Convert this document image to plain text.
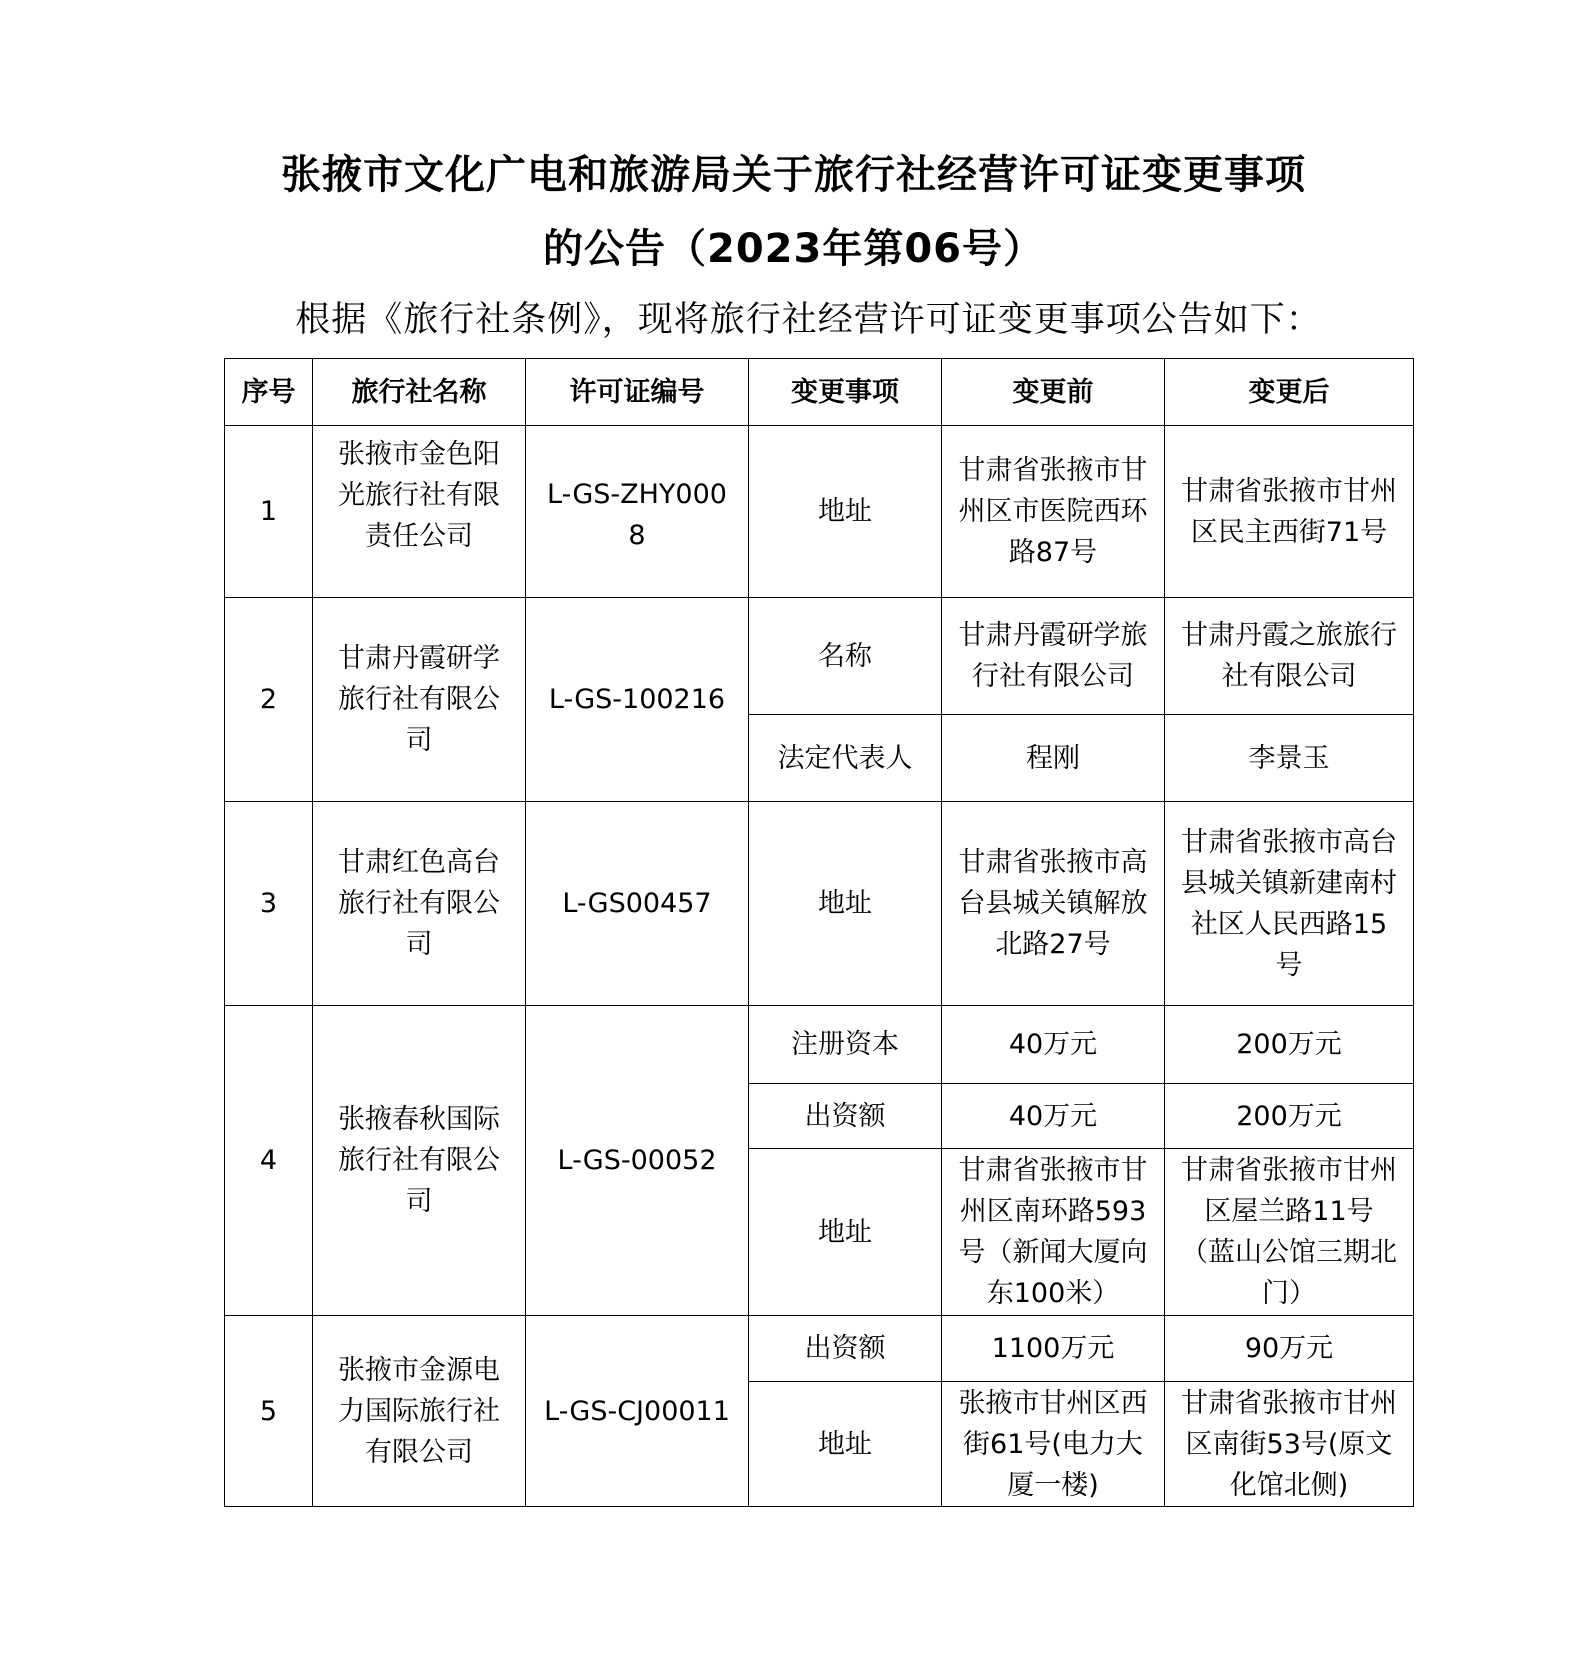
张掖市文化广电和旅游局关于旅行社经营许可证变更事项
的公告（2023年第06号）
根据《旅行社条例》，现将旅行社经营许可证变更事项公告如下：
序号	旅行社名称	许可证编号	变更事项	变更前	变更后
1	张掖市金色阳光旅行社有限责任公司	L-GS-ZHY0008	地址	甘肃省张掖市甘州区市医院西环路87号	甘肃省张掖市甘州区民主西街71号
2	甘肃丹霞研学旅行社有限公司	L-GS-100216	名称	甘肃丹霞研学旅行社有限公司	甘肃丹霞之旅旅行社有限公司
			法定代表人	程刚	李景玉
3	甘肃红色高台旅行社有限公司	L-GS00457	地址	甘肃省张掖市高台县城关镇解放北路27号	甘肃省张掖市高台县城关镇新建南村社区人民西路15号
4	张掖春秋国际旅行社有限公司	L-GS-00052	注册资本	40万元	200万元
			出资额	40万元	200万元
			地址	甘肃省张掖市甘州区南环路593号（新闻大厦向东100米）	甘肃省张掖市甘州区屋兰路11号（蓝山公馆三期北门）
5	张掖市金源电力国际旅行社有限公司	L-GS-CJ00011	出资额	1100万元	90万元
			地址	张掖市甘州区西街61号(电力大厦一楼)	甘肃省张掖市甘州区南街53号(原文化馆北侧)
